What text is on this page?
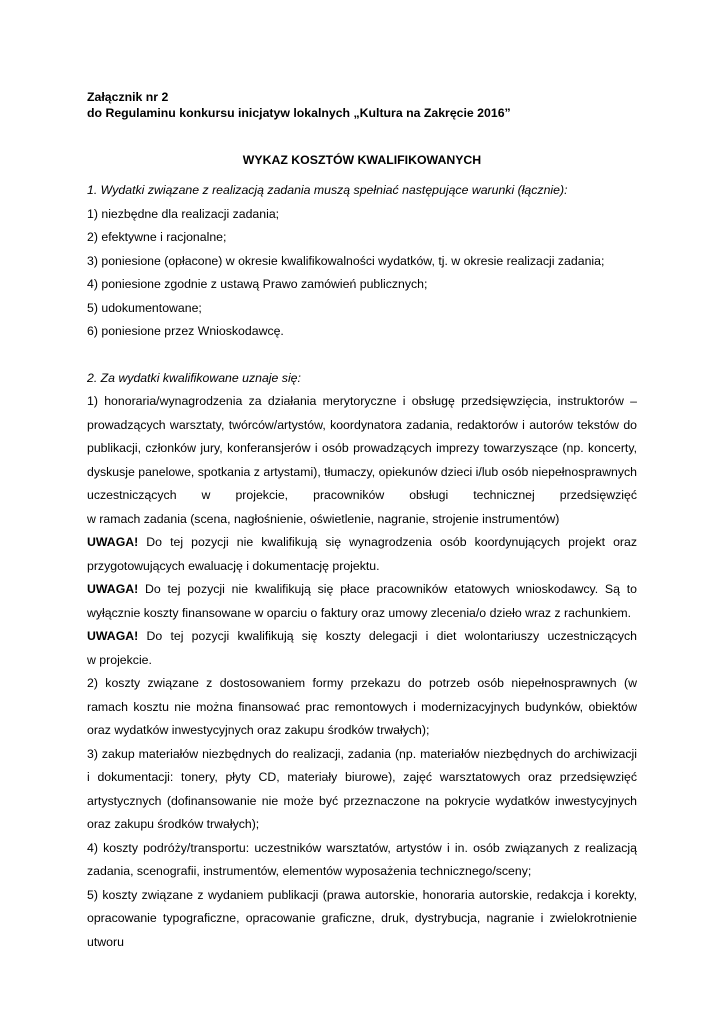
Załącznik nr 2
do Regulaminu konkursu inicjatyw lokalnych „Kultura na Zakręcie 2016”
WYKAZ KOSZTÓW KWALIFIKOWANYCH
1. Wydatki związane z realizacją zadania muszą spełniać następujące warunki (łącznie):
1) niezbędne dla realizacji zadania;
2) efektywne i racjonalne;
3) poniesione (opłacone) w okresie kwalifikowalności wydatków, tj. w okresie realizacji zadania;
4) poniesione zgodnie z ustawą Prawo zamówień publicznych;
5) udokumentowane;
6) poniesione przez Wnioskodawcę.
2. Za wydatki kwalifikowane uznaje się:
1) honoraria/wynagrodzenia za działania merytoryczne i obsługę przedsięwzięcia, instruktorów – prowadzących warsztaty, twórców/artystów, koordynatora zadania, redaktorów i autorów tekstów do publikacji, członków jury, konferansjerów i osób prowadzących imprezy towarzyszące (np. koncerty, dyskusje panelowe, spotkania z artystami), tłumaczy, opiekunów dzieci i/lub osób niepełnosprawnych uczestniczących w projekcie, pracowników obsługi technicznej przedsięwzięć
w ramach zadania (scena, nagłośnienie, oświetlenie, nagranie, strojenie instrumentów)
UWAGA! Do tej pozycji nie kwalifikują się wynagrodzenia osób koordynujących projekt oraz przygotowujących ewaluację i dokumentację projektu.
UWAGA! Do tej pozycji nie kwalifikują się płace pracowników etatowych wnioskodawcy. Są to wyłącznie koszty finansowane w oparciu o faktury oraz umowy zlecenia/o dzieło wraz z rachunkiem.
UWAGA! Do tej pozycji kwalifikują się koszty delegacji i diet wolontariuszy uczestniczących
w projekcie.
2) koszty związane z dostosowaniem formy przekazu do potrzeb osób niepełnosprawnych (w ramach kosztu nie można finansować prac remontowych i modernizacyjnych budynków, obiektów oraz wydatków inwestycyjnych oraz zakupu środków trwałych);
3) zakup materiałów niezbędnych do realizacji, zadania (np. materiałów niezbędnych do archiwizacji i dokumentacji: tonery, płyty CD, materiały biurowe), zajęć warsztatowych oraz przedsięwzięć artystycznych (dofinansowanie nie może być przeznaczone na pokrycie wydatków inwestycyjnych oraz zakupu środków trwałych);
4) koszty podróży/transportu: uczestników warsztatów, artystów i in. osób związanych z realizacją zadania, scenografii, instrumentów, elementów wyposażenia technicznego/sceny;
5) koszty związane z wydaniem publikacji (prawa autorskie, honoraria autorskie, redakcja i korekty, opracowanie typograficzne, opracowanie graficzne, druk, dystrybucja, nagranie i zwielokrotnienie utworu
